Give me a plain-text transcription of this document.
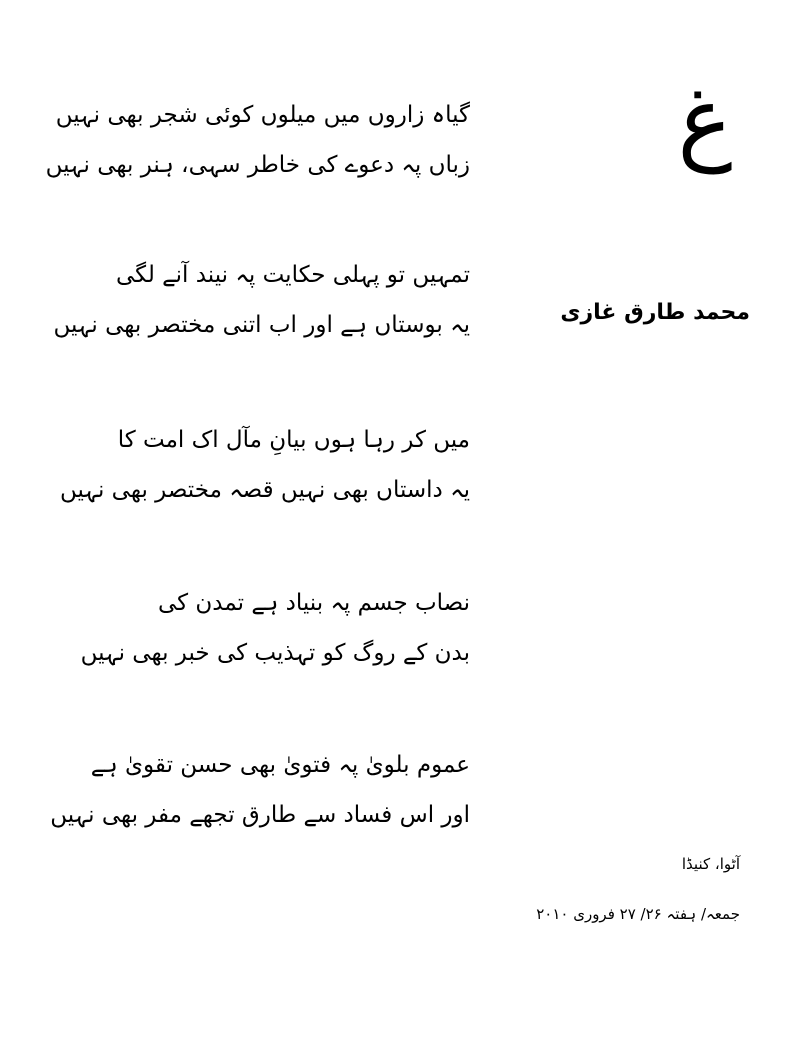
غ
محمد طارق غازی
گیاہ زاروں میں میلوں کوئی شجر بھی نہیں
زباں پہ دعوے کی خاطر سہی، ہنر بھی نہیں
تمہیں تو پہلی حکایت پہ نیند آنے لگی
یہ بوستاں ہے اور اب اتنی مختصر بھی نہیں
میں کر رہا ہوں بیانِ مآل اک امت کا
یہ داستاں بھی نہیں قصہ مختصر بھی نہیں
نصاب جسم پہ بنیاد ہے تمدن کی
بدن کے روگ کو تہذیب کی خبر بھی نہیں
عموم بلویٰ پہ فتویٰ بھی حسن تقویٰ ہے
اور اس فساد سے طارق تجھے مفر بھی نہیں
آٹوا، کنیڈا
جمعہ/ ہفتہ ۲۶/ ۲۷ فروری ۲۰۱۰
